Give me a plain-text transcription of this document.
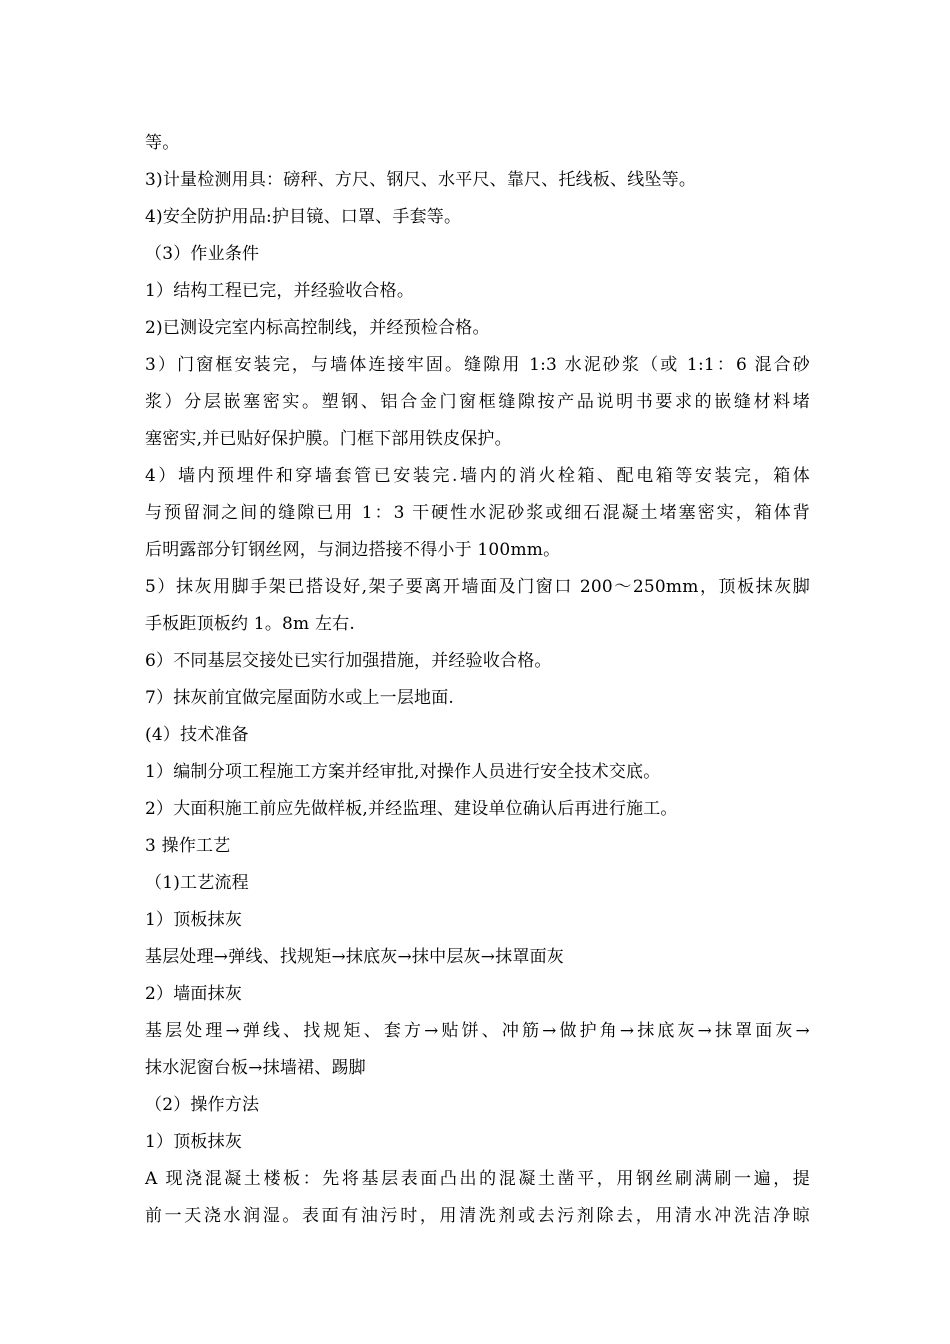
等。
3)计量检测用具：磅秤、方尺、钢尺、水平尺、靠尺、托线板、线坠等。
4)安全防护用品:护目镜、口罩、手套等。
（3）作业条件
1）结构工程已完，并经验收合格。
2)已测设完室内标高控制线，并经预检合格。
3）门窗框安装完，与墙体连接牢固。缝隙用 1:3 水泥砂浆（或 1:1：6 混合砂
浆）分层嵌塞密实。塑钢、铝合金门窗框缝隙按产品说明书要求的嵌缝材料堵
塞密实,并已贴好保护膜。门框下部用铁皮保护。
4）墙内预埋件和穿墙套管已安装完.墙内的消火栓箱、配电箱等安装完，箱体
与预留洞之间的缝隙已用 1：3 干硬性水泥砂浆或细石混凝土堵塞密实，箱体背
后明露部分钉钢丝网，与洞边搭接不得小于 100mm。
5）抹灰用脚手架已搭设好,架子要离开墙面及门窗口 200～250mm，顶板抹灰脚
手板距顶板约 1。8m 左右.
6）不同基层交接处已实行加强措施，并经验收合格。
7）抹灰前宜做完屋面防水或上一层地面.
(4）技术准备
1）编制分项工程施工方案并经审批,对操作人员进行安全技术交底。
2）大面积施工前应先做样板,并经监理、建设单位确认后再进行施工。
3 操作工艺
（1)工艺流程
1）顶板抹灰
基层处理→弹线、找规矩→抹底灰→抹中层灰→抹罩面灰
2）墙面抹灰
基层处理→弹线、找规矩、套方→贴饼、冲筋→做护角→抹底灰→抹罩面灰→
抹水泥窗台板→抹墙裙、踢脚
（2）操作方法
1）顶板抹灰
A 现浇混凝土楼板：先将基层表面凸出的混凝土凿平，用钢丝刷满刷一遍，提
前一天浇水润湿。表面有油污时，用清洗剂或去污剂除去，用清水冲洗洁净晾
